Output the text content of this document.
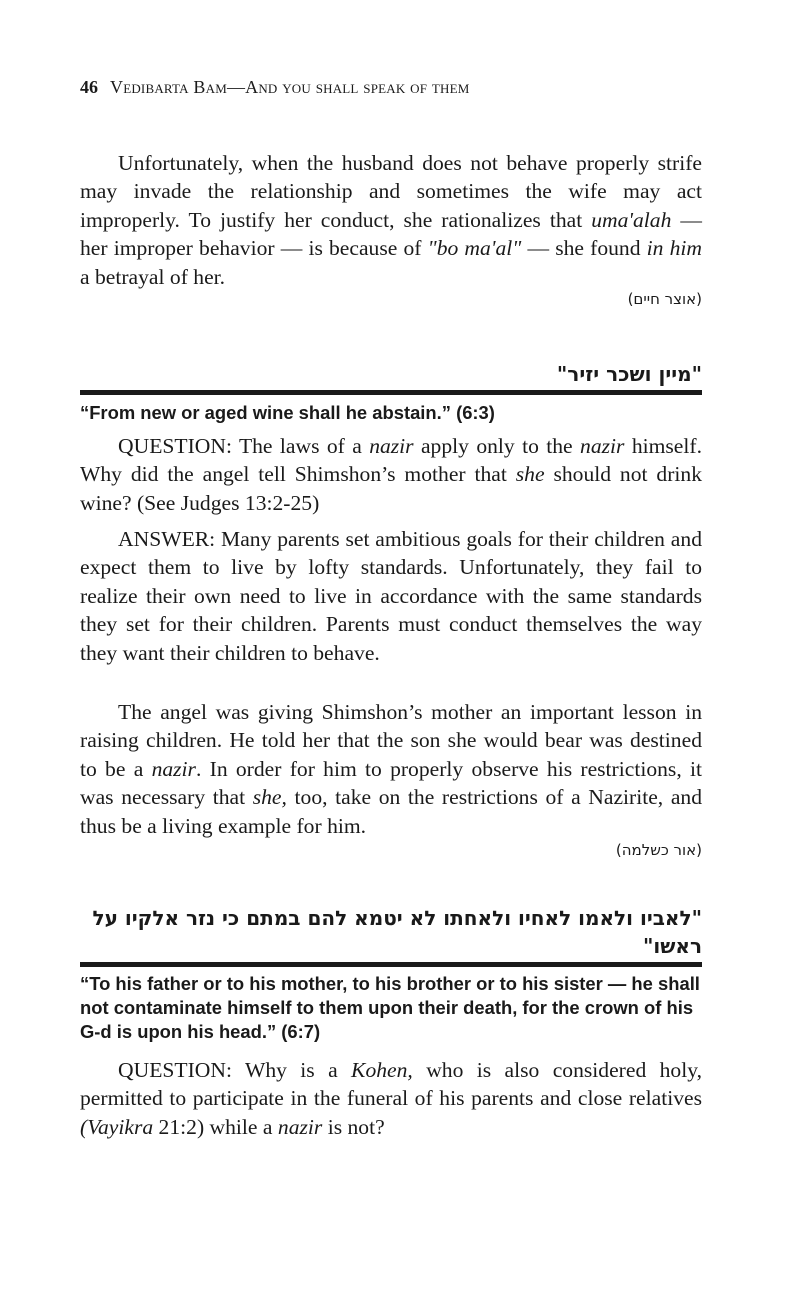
46 Vedibarta Bam—And you shall speak of them

Unfortunately, when the husband does not behave properly strife may invade the relationship and sometimes the wife may act improperly. To justify her conduct, she rationalizes that uma'alah — her improper behavior — is because of "bo ma'al" — she found in him a betrayal of her.

(אוצר חיים)
"מיין ושכר יזיר"
“From new or aged wine shall he abstain.” (6:3)

QUESTION: The laws of a nazir apply only to the nazir himself. Why did the angel tell Shimshon’s mother that she should not drink wine? (See Judges 13:2-25)

ANSWER: Many parents set ambitious goals for their children and expect them to live by lofty standards. Unfortunately, they fail to realize their own need to live in accordance with the same standards they set for their children. Parents must conduct themselves the way they want their children to behave.

The angel was giving Shimshon’s mother an important lesson in raising children. He told her that the son she would bear was destined to be a nazir. In order for him to properly observe his restrictions, it was necessary that she, too, take on the restrictions of a Nazirite, and thus be a living example for him.

(אור כשלמה)
"לאביו ולאמו לאחיו ולאחתו לא יטמא להם במתם כי נזר אלקיו על ראשו"
“To his father or to his mother, to his brother or to his sister — he shall not contaminate himself to them upon their death, for the crown of his G-d is upon his head.” (6:7)

QUESTION: Why is a Kohen, who is also considered holy, permitted to participate in the funeral of his parents and close relatives (Vayikra 21:2) while a nazir is not?
